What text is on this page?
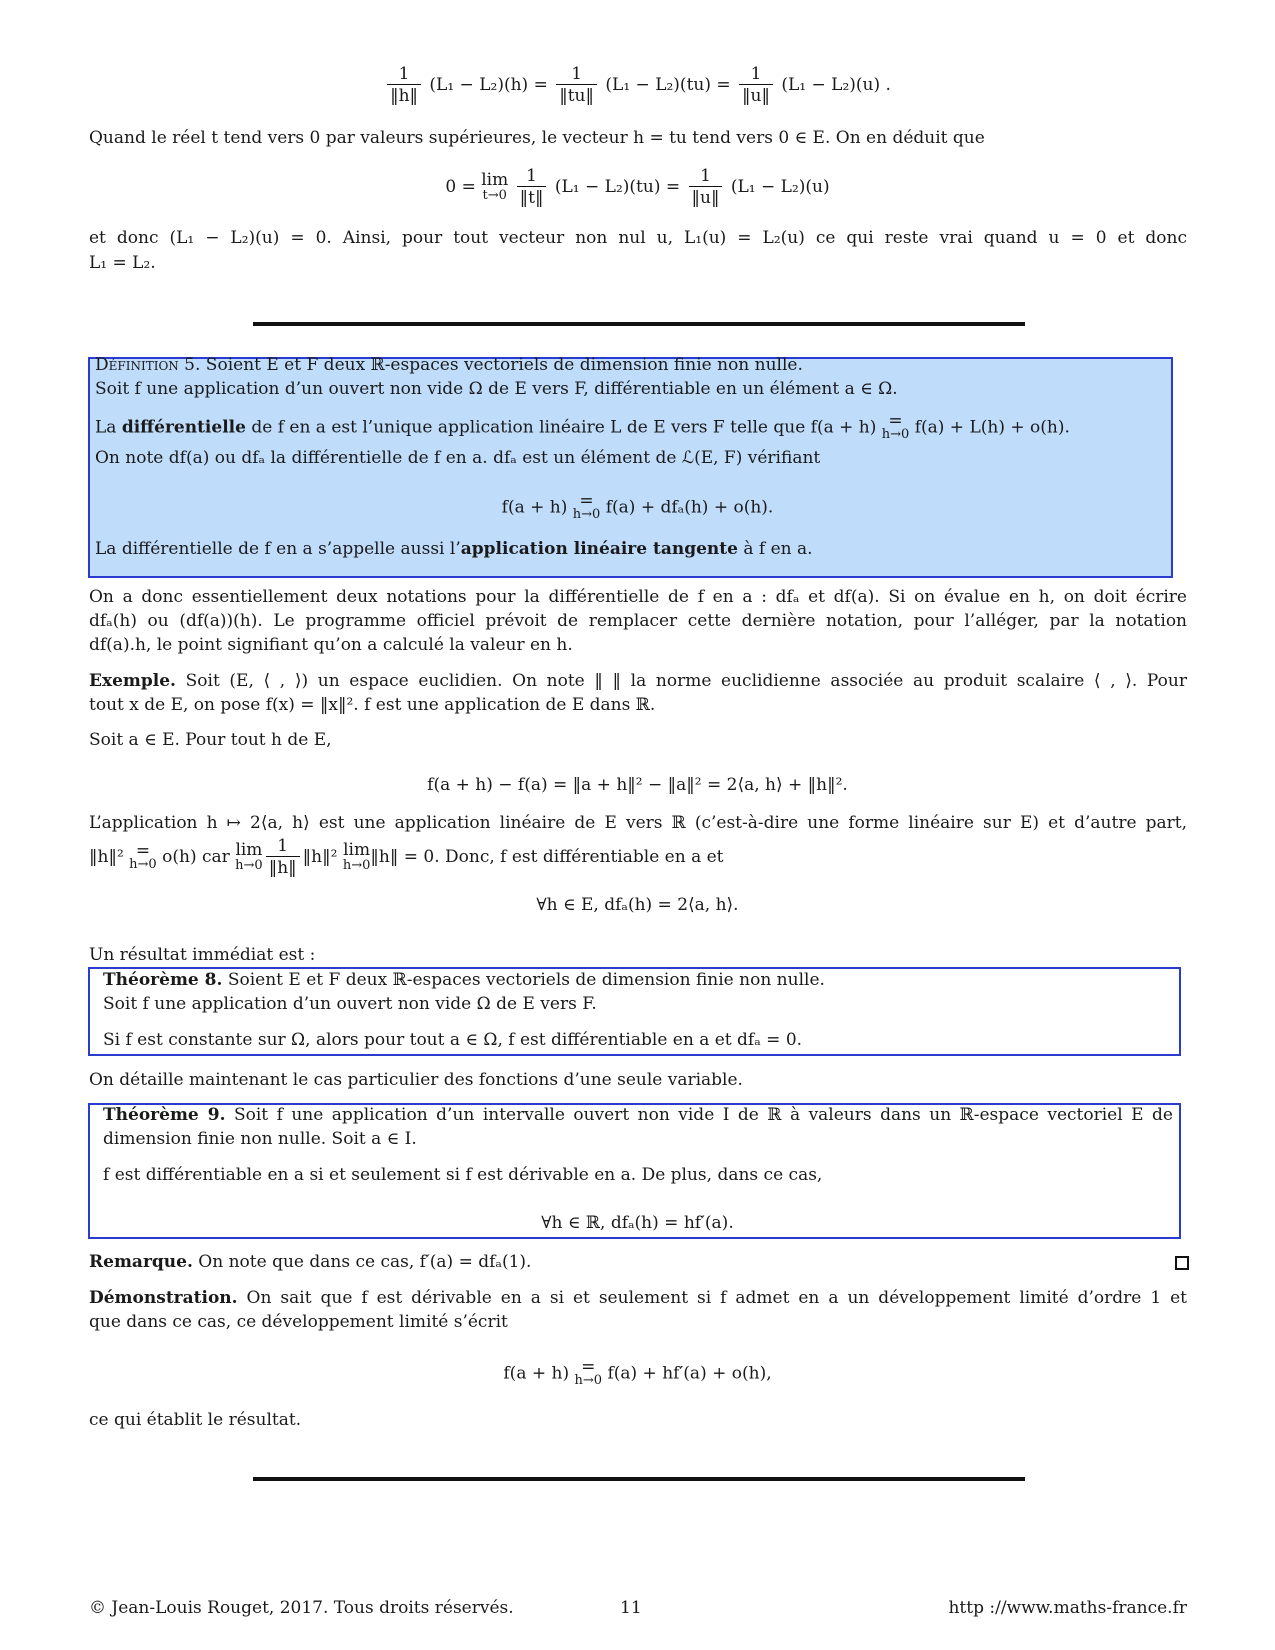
$\frac{1}{‖h‖} (L_1 - L_2)(h) = \frac{1}{‖tu‖} (L_1 - L_2)(tu) = \frac{1}{‖u‖} (L_1 - L_2)(u)$ .
Quand le réel t tend vers 0 par valeurs supérieures, le vecteur h = tu tend vers 0 ∈ E. On en déduit que
0 = lim
t→0
$\frac{1}{‖t‖} (L_1 - L_2)(tu) = \frac{1}{‖u‖} (L_1 - L_2)(u)$
et donc (L₁ − L₂)(u) = 0. Ainsi, pour tout vecteur non nul u, L₁(u) = L₂(u) ce qui reste vrai quand u = 0 et donc
L₁ = L₂.
Définition 5. Soient E et F deux ℝ-espaces vectoriels de dimension finie non nulle.
Soit f une application d’un ouvert non vide Ω de E vers F, différentiable en un élément a ∈ Ω.
La différentielle de f en a est l’unique application linéaire L de E vers F telle que f(a + h) =
h→0 f(a) + L(h) + o(h).
On note df(a) ou dfₐ la différentielle de f en a. dfₐ est un élément de ℒ(E, F) vérifiant
f(a + h) =
h→0 f(a) + dfₐ(h) + o(h).
La différentielle de f en a s’appelle aussi l’application linéaire tangente à f en a.
On a donc essentiellement deux notations pour la différentielle de f en a : dfₐ et df(a). Si on évalue en h, on doit écrire
dfₐ(h) ou (df(a))(h). Le programme officiel prévoit de remplacer cette dernière notation, pour l’alléger, par la notation
df(a).h, le point signifiant qu’on a calculé la valeur en h.
Exemple. Soit (E, ⟨ , ⟩) un espace euclidien. On note ‖ ‖ la norme euclidienne associée au produit scalaire ⟨ , ⟩. Pour
tout x de E, on pose f(x) = ‖x‖². f est une application de E dans ℝ.
Soit a ∈ E. Pour tout h de E,
f(a + h) − f(a) = ‖a + h‖² − ‖a‖² = 2⟨a, h⟩ + ‖h‖².
L’application h ↦ 2⟨a, h⟩ est une application linéaire de E vers ℝ (c’est-à-dire une forme linéaire sur E) et d’autre part,
‖h‖² =
h→0 o(h) car lim
$h\to 0 \frac{1}{‖h‖}$ ‖h‖² lim
h→0 ‖h‖ = 0. Donc, f est différentiable en a et
∀h ∈ E, dfₐ(h) = 2⟨a, h⟩.
Un résultat immédiat est :
Théorème 8. Soient E et F deux ℝ-espaces vectoriels de dimension finie non nulle.
Soit f une application d’un ouvert non vide Ω de E vers F.
Si f est constante sur Ω, alors pour tout a ∈ Ω, f est différentiable en a et dfₐ = 0.
On détaille maintenant le cas particulier des fonctions d’une seule variable.
Théorème 9. Soit f une application d’un intervalle ouvert non vide I de ℝ à valeurs dans un ℝ-espace vectoriel E de
dimension finie non nulle. Soit a ∈ I.
f est différentiable en a si et seulement si f est dérivable en a. De plus, dans ce cas,
∀h ∈ ℝ, dfₐ(h) = hf′(a).
Remarque. On note que dans ce cas, f′(a) = dfₐ(1).
Démonstration. On sait que f est dérivable en a si et seulement si f admet en a un développement limité d’ordre 1 et
que dans ce cas, ce développement limité s’écrit
f(a + h) =
h→0 f(a) + hf′(a) + o(h),
ce qui établit le résultat.
© Jean-Louis Rouget, 2017. Tous droits réservés.	11	http ://www.maths-france.fr
